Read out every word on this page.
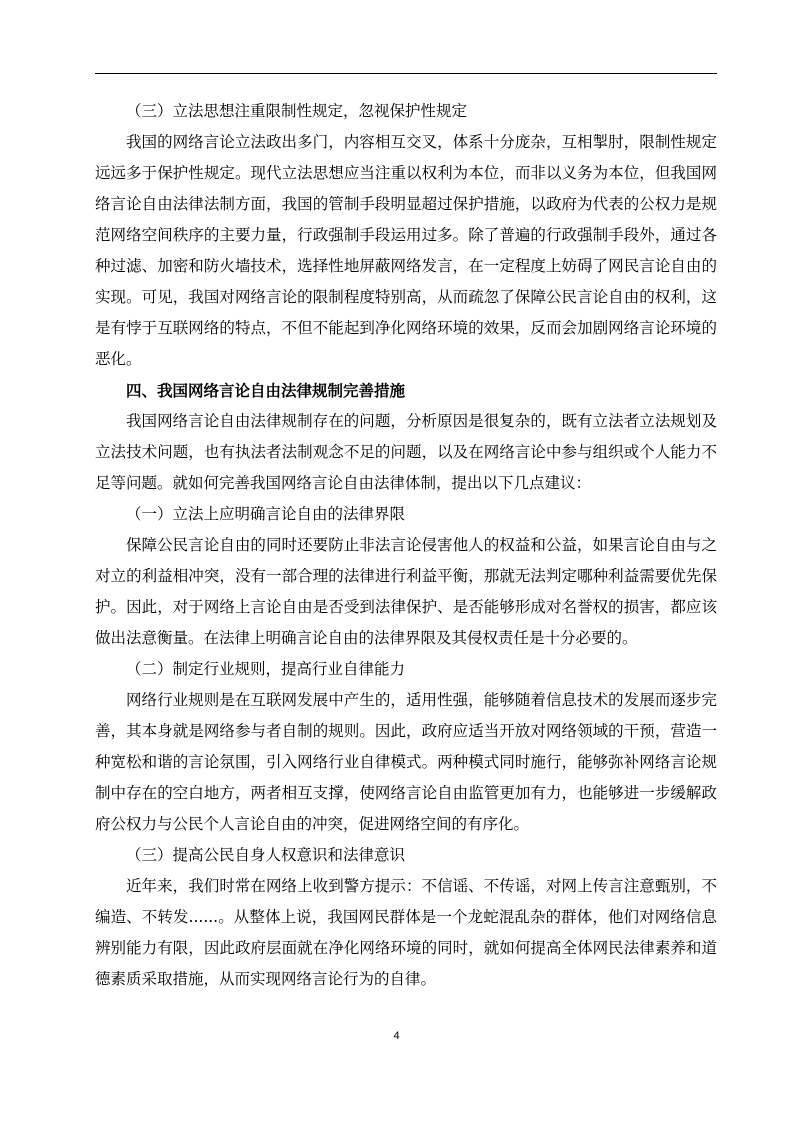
（三）立法思想注重限制性规定，忽视保护性规定

我国的网络言论立法政出多门，内容相互交叉，体系十分庞杂，互相掣肘，限制性规定远远多于保护性规定。现代立法思想应当注重以权利为本位，而非以义务为本位，但我国网络言论自由法律法制方面，我国的管制手段明显超过保护措施，以政府为代表的公权力是规范网络空间秩序的主要力量，行政强制手段运用过多。除了普遍的行政强制手段外，通过各种过滤、加密和防火墙技术，选择性地屏蔽网络发言，在一定程度上妨碍了网民言论自由的实现。可见，我国对网络言论的限制程度特别高，从而疏忽了保障公民言论自由的权利，这是有悖于互联网络的特点，不但不能起到净化网络环境的效果，反而会加剧网络言论环境的恶化。

四、我国网络言论自由法律规制完善措施

我国网络言论自由法律规制存在的问题，分析原因是很复杂的，既有立法者立法规划及立法技术问题，也有执法者法制观念不足的问题，以及在网络言论中参与组织或个人能力不足等问题。就如何完善我国网络言论自由法律体制，提出以下几点建议：

（一）立法上应明确言论自由的法律界限

保障公民言论自由的同时还要防止非法言论侵害他人的权益和公益，如果言论自由与之对立的利益相冲突，没有一部合理的法律进行利益平衡，那就无法判定哪种利益需要优先保护。因此，对于网络上言论自由是否受到法律保护、是否能够形成对名誉权的损害，都应该做出法意衡量。在法律上明确言论自由的法律界限及其侵权责任是十分必要的。

（二）制定行业规则，提高行业自律能力

网络行业规则是在互联网发展中产生的，适用性强，能够随着信息技术的发展而逐步完善，其本身就是网络参与者自制的规则。因此，政府应适当开放对网络领域的干预，营造一种宽松和谐的言论氛围，引入网络行业自律模式。两种模式同时施行，能够弥补网络言论规制中存在的空白地方，两者相互支撑，使网络言论自由监管更加有力，也能够进一步缓解政府公权力与公民个人言论自由的冲突，促进网络空间的有序化。

（三）提高公民自身人权意识和法律意识

近年来，我们时常在网络上收到警方提示：不信谣、不传谣，对网上传言注意甄别，不编造、不转发......。从整体上说，我国网民群体是一个龙蛇混乱杂的群体，他们对网络信息辨别能力有限，因此政府层面就在净化网络环境的同时，就如何提高全体网民法律素养和道德素质采取措施，从而实现网络言论行为的自律。

4
